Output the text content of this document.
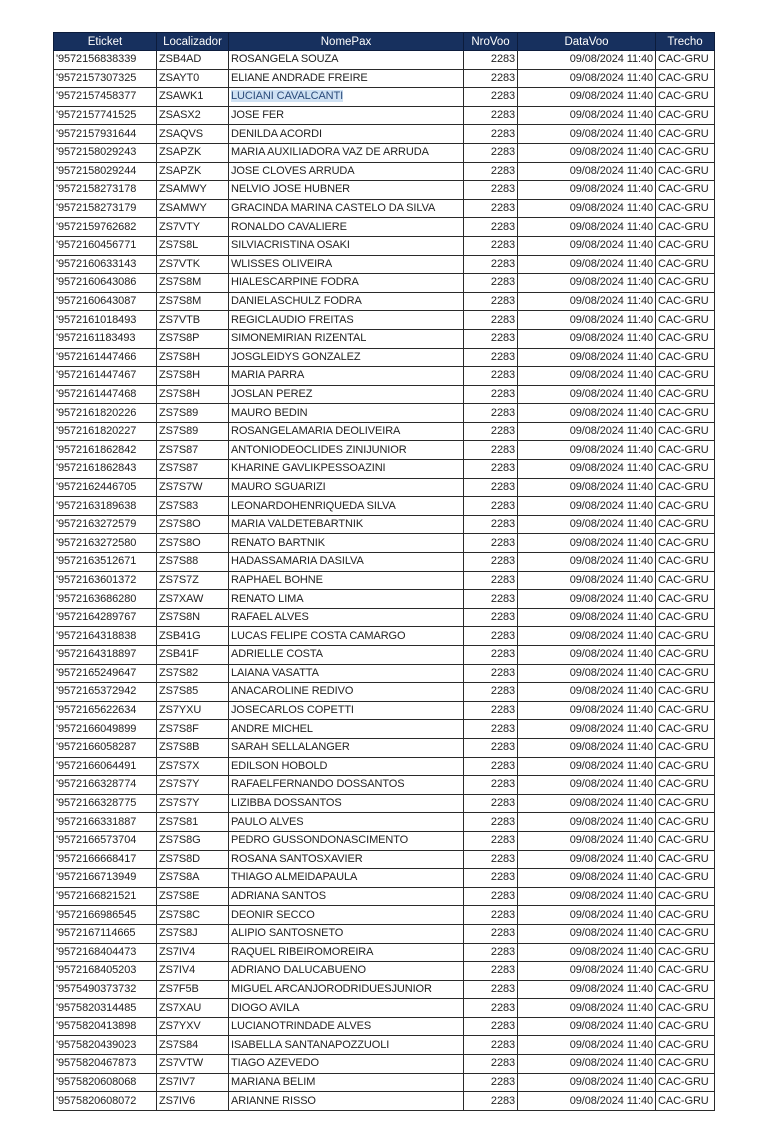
Eticket	Localizador	NomePax	NroVoo	DataVoo	Trecho
'9572156838339	ZSB4AD	ROSANGELA SOUZA	2283	09/08/2024 11:40	CAC-GRU
'9572157307325	ZSAYT0	ELIANE ANDRADE FREIRE	2283	09/08/2024 11:40	CAC-GRU
'9572157458377	ZSAWK1	LUCIANI CAVALCANTI	2283	09/08/2024 11:40	CAC-GRU
'9572157741525	ZSASX2	JOSE FER	2283	09/08/2024 11:40	CAC-GRU
'9572157931644	ZSAQVS	DENILDA ACORDI	2283	09/08/2024 11:40	CAC-GRU
'9572158029243	ZSAPZK	MARIA AUXILIADORA VAZ DE ARRUDA	2283	09/08/2024 11:40	CAC-GRU
'9572158029244	ZSAPZK	JOSE CLOVES ARRUDA	2283	09/08/2024 11:40	CAC-GRU
'9572158273178	ZSAMWY	NELVIO JOSE HUBNER	2283	09/08/2024 11:40	CAC-GRU
'9572158273179	ZSAMWY	GRACINDA MARINA CASTELO DA SILVA	2283	09/08/2024 11:40	CAC-GRU
'9572159762682	ZS7VTY	RONALDO CAVALIERE	2283	09/08/2024 11:40	CAC-GRU
'9572160456771	ZS7S8L	SILVIACRISTINA OSAKI	2283	09/08/2024 11:40	CAC-GRU
'9572160633143	ZS7VTK	WLISSES OLIVEIRA	2283	09/08/2024 11:40	CAC-GRU
'9572160643086	ZS7S8M	HIALESCARPINE FODRA	2283	09/08/2024 11:40	CAC-GRU
'9572160643087	ZS7S8M	DANIELASCHULZ FODRA	2283	09/08/2024 11:40	CAC-GRU
'9572161018493	ZS7VTB	REGICLAUDIO FREITAS	2283	09/08/2024 11:40	CAC-GRU
'9572161183493	ZS7S8P	SIMONEMIRIAN RIZENTAL	2283	09/08/2024 11:40	CAC-GRU
'9572161447466	ZS7S8H	JOSGLEIDYS GONZALEZ	2283	09/08/2024 11:40	CAC-GRU
'9572161447467	ZS7S8H	MARIA PARRA	2283	09/08/2024 11:40	CAC-GRU
'9572161447468	ZS7S8H	JOSLAN PEREZ	2283	09/08/2024 11:40	CAC-GRU
'9572161820226	ZS7S89	MAURO BEDIN	2283	09/08/2024 11:40	CAC-GRU
'9572161820227	ZS7S89	ROSANGELAMARIA DEOLIVEIRA	2283	09/08/2024 11:40	CAC-GRU
'9572161862842	ZS7S87	ANTONIODEOCLIDES ZINIJUNIOR	2283	09/08/2024 11:40	CAC-GRU
'9572161862843	ZS7S87	KHARINE GAVLIKPESSOAZINI	2283	09/08/2024 11:40	CAC-GRU
'9572162446705	ZS7S7W	MAURO SGUARIZI	2283	09/08/2024 11:40	CAC-GRU
'9572163189638	ZS7S83	LEONARDOHENRIQUEDA SILVA	2283	09/08/2024 11:40	CAC-GRU
'9572163272579	ZS7S8O	MARIA VALDETEBARTNIK	2283	09/08/2024 11:40	CAC-GRU
'9572163272580	ZS7S8O	RENATO BARTNIK	2283	09/08/2024 11:40	CAC-GRU
'9572163512671	ZS7S88	HADASSAMARIA DASILVA	2283	09/08/2024 11:40	CAC-GRU
'9572163601372	ZS7S7Z	RAPHAEL BOHNE	2283	09/08/2024 11:40	CAC-GRU
'9572163686280	ZS7XAW	RENATO LIMA	2283	09/08/2024 11:40	CAC-GRU
'9572164289767	ZS7S8N	RAFAEL ALVES	2283	09/08/2024 11:40	CAC-GRU
'9572164318838	ZSB41G	LUCAS FELIPE COSTA CAMARGO	2283	09/08/2024 11:40	CAC-GRU
'9572164318897	ZSB41F	ADRIELLE COSTA	2283	09/08/2024 11:40	CAC-GRU
'9572165249647	ZS7S82	LAIANA VASATTA	2283	09/08/2024 11:40	CAC-GRU
'9572165372942	ZS7S85	ANACAROLINE REDIVO	2283	09/08/2024 11:40	CAC-GRU
'9572165622634	ZS7YXU	JOSECARLOS COPETTI	2283	09/08/2024 11:40	CAC-GRU
'9572166049899	ZS7S8F	ANDRE MICHEL	2283	09/08/2024 11:40	CAC-GRU
'9572166058287	ZS7S8B	SARAH SELLALANGER	2283	09/08/2024 11:40	CAC-GRU
'9572166064491	ZS7S7X	EDILSON HOBOLD	2283	09/08/2024 11:40	CAC-GRU
'9572166328774	ZS7S7Y	RAFAELFERNANDO DOSSANTOS	2283	09/08/2024 11:40	CAC-GRU
'9572166328775	ZS7S7Y	LIZIBBA DOSSANTOS	2283	09/08/2024 11:40	CAC-GRU
'9572166331887	ZS7S81	PAULO ALVES	2283	09/08/2024 11:40	CAC-GRU
'9572166573704	ZS7S8G	PEDRO GUSSONDONASCIMENTO	2283	09/08/2024 11:40	CAC-GRU
'9572166668417	ZS7S8D	ROSANA SANTOSXAVIER	2283	09/08/2024 11:40	CAC-GRU
'9572166713949	ZS7S8A	THIAGO ALMEIDAPAULA	2283	09/08/2024 11:40	CAC-GRU
'9572166821521	ZS7S8E	ADRIANA SANTOS	2283	09/08/2024 11:40	CAC-GRU
'9572166986545	ZS7S8C	DEONIR SECCO	2283	09/08/2024 11:40	CAC-GRU
'9572167114665	ZS7S8J	ALIPIO SANTOSNETO	2283	09/08/2024 11:40	CAC-GRU
'9572168404473	ZS7IV4	RAQUEL RIBEIROMOREIRA	2283	09/08/2024 11:40	CAC-GRU
'9572168405203	ZS7IV4	ADRIANO DALUCABUENO	2283	09/08/2024 11:40	CAC-GRU
'9575490373732	ZS7F5B	MIGUEL ARCANJORODRIDUESJUNIOR	2283	09/08/2024 11:40	CAC-GRU
'9575820314485	ZS7XAU	DIOGO AVILA	2283	09/08/2024 11:40	CAC-GRU
'9575820413898	ZS7YXV	LUCIANOTRINDADE ALVES	2283	09/08/2024 11:40	CAC-GRU
'9575820439023	ZS7S84	ISABELLA SANTANAPOZZUOLI	2283	09/08/2024 11:40	CAC-GRU
'9575820467873	ZS7VTW	TIAGO AZEVEDO	2283	09/08/2024 11:40	CAC-GRU
'9575820608068	ZS7IV7	MARIANA BELIM	2283	09/08/2024 11:40	CAC-GRU
'9575820608072	ZS7IV6	ARIANNE RISSO	2283	09/08/2024 11:40	CAC-GRU
